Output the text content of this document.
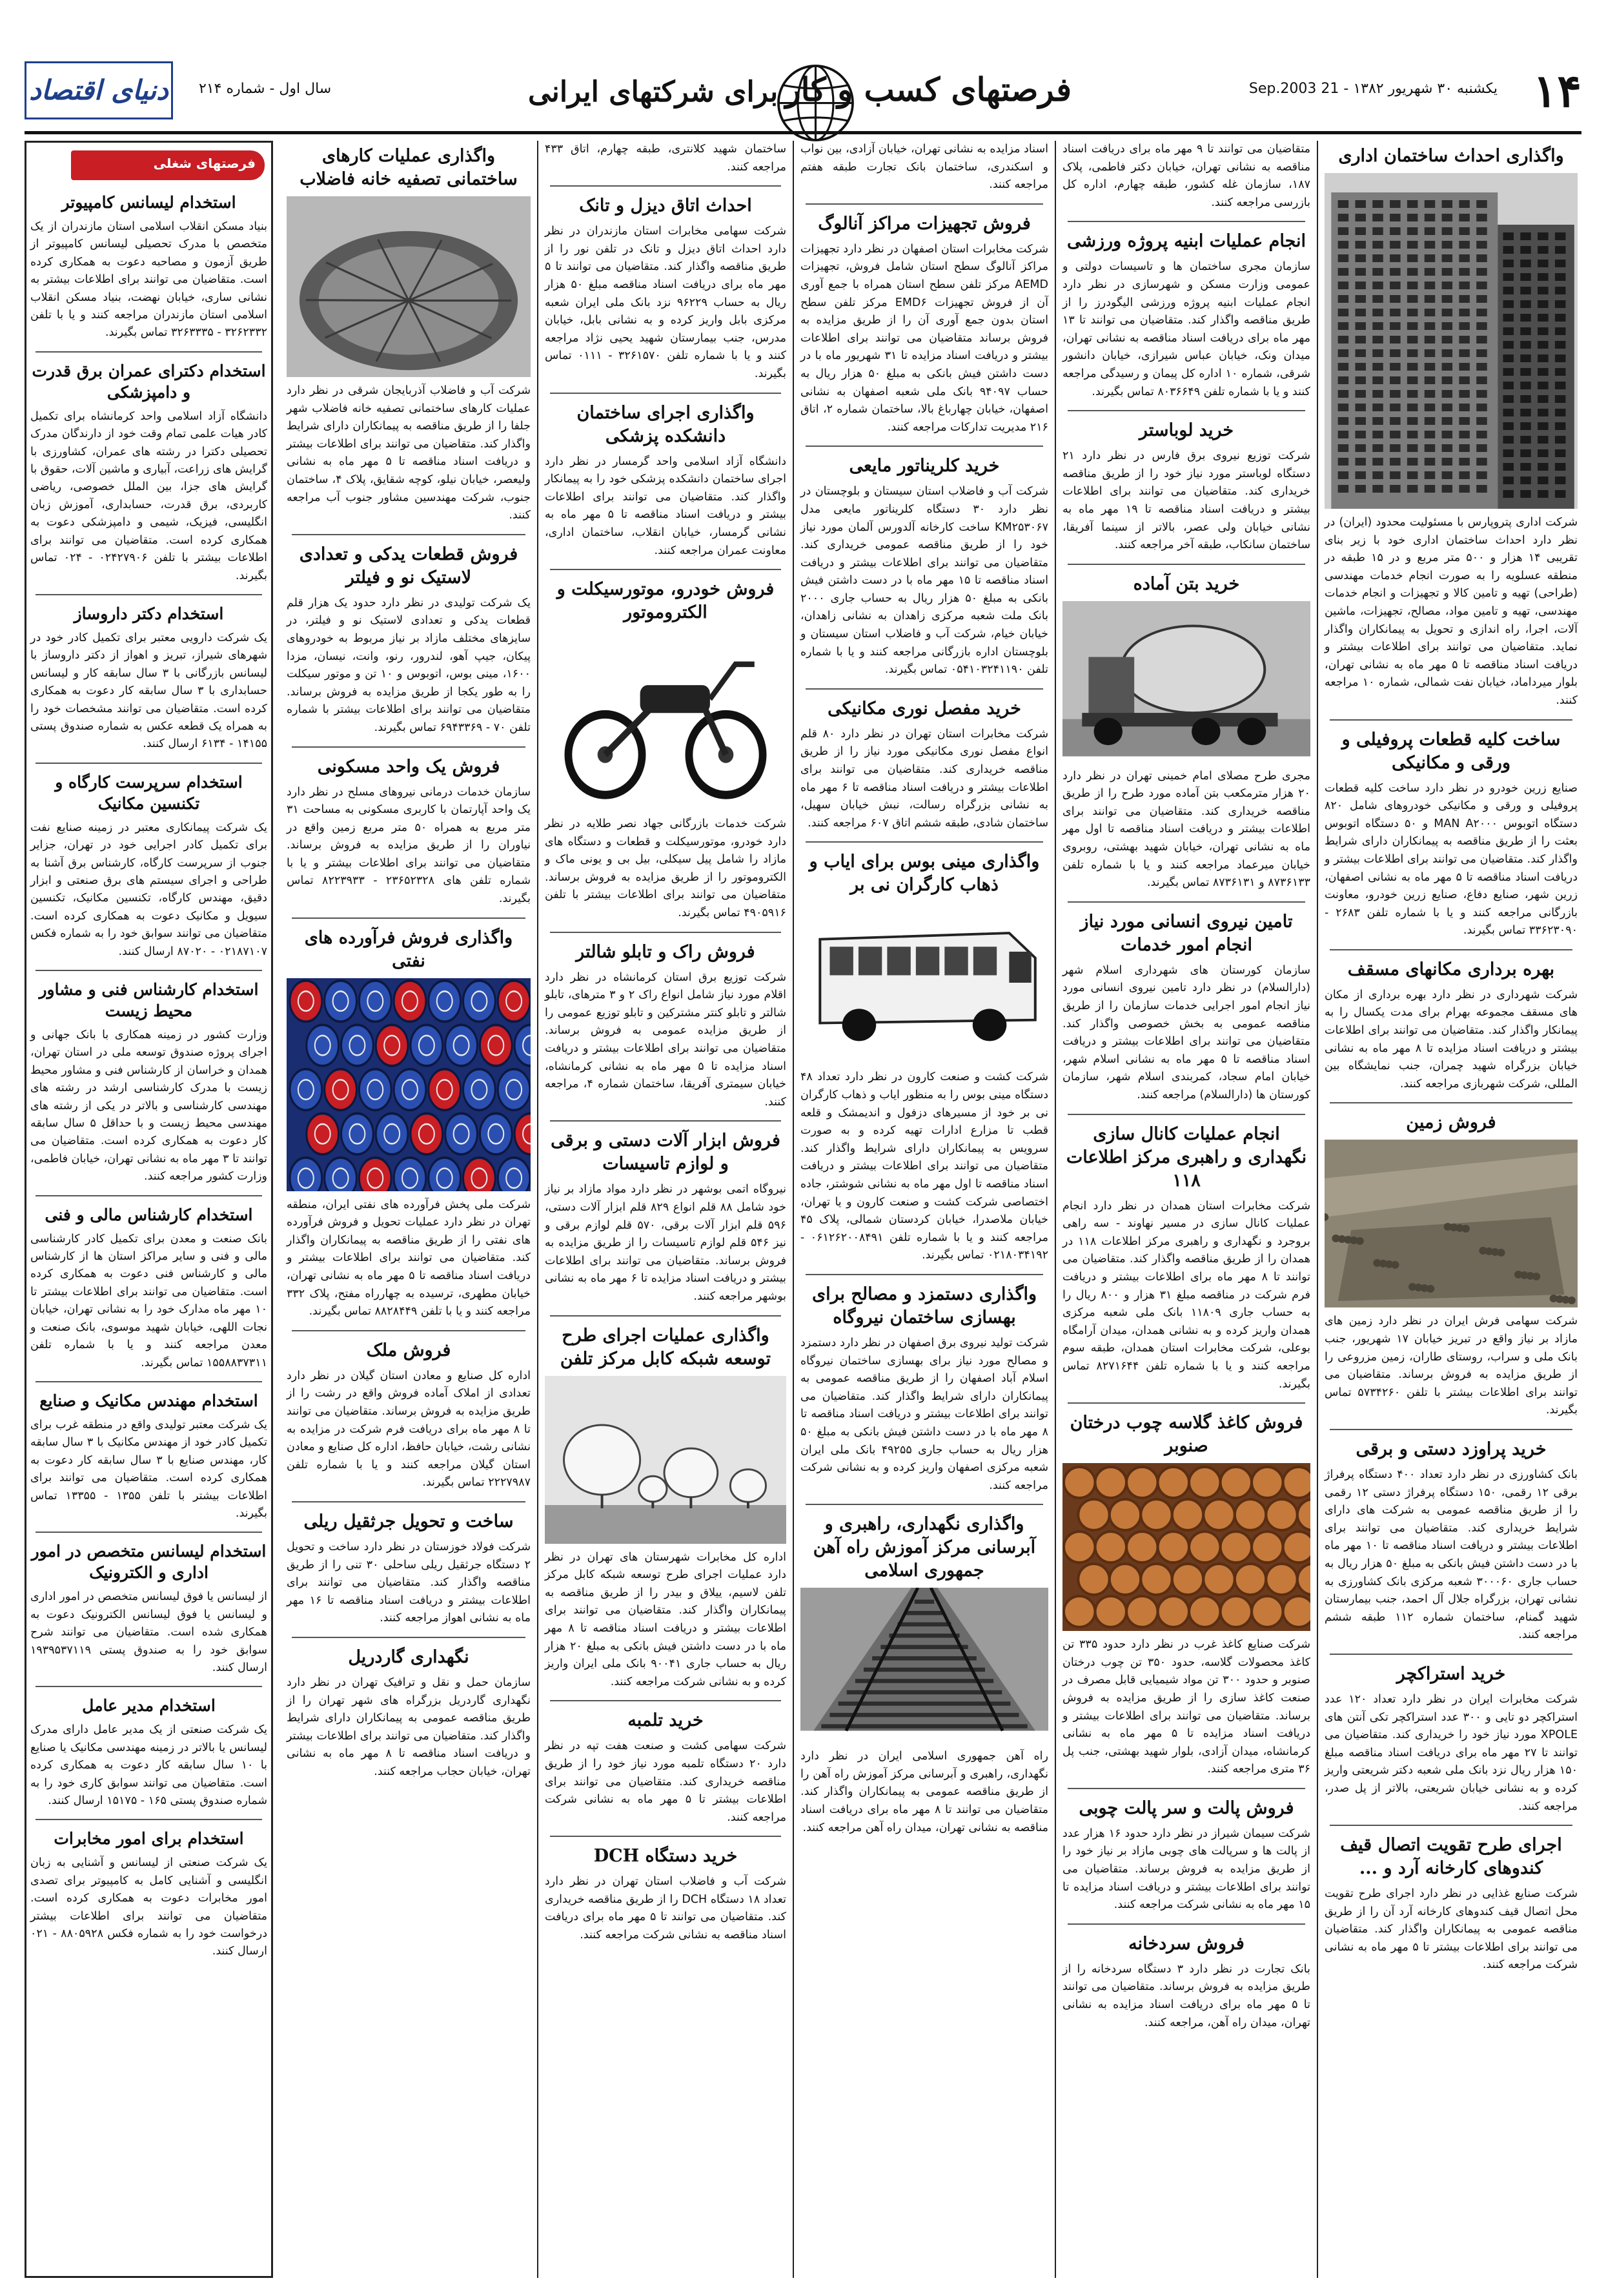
۱۴
یکشنبه ۳۰ شهریور ۱۳۸۲ - 21 Sep.2003
فرصتهای کسب و کار
برای شرکتهای ایرانی
سال اول - شماره ۲۱۴
دنیای اقتصاد
واگذاری احداث ساختمان اداری
شرکت اداری پتروپارس با مسئولیت محدود (ایران) در نظر دارد احداث ساختمان اداری خود با زیر بنای تقریبی ۱۴ هزار و ۵۰۰ متر مربع و در ۱۵ طبقه در منطقه عسلویه را به صورت انجام خدمات مهندسی (طراحی) تهیه و تامین کالا و تجهیزات و انجام خدمات مهندسی، تهیه و تامین مواد، مصالح، تجهیزات، ماشین آلات، اجرا، راه اندازی و تحویل به پیمانکاران واگذار نماید. متقاضیان می توانند برای اطلاعات بیشتر و دریافت اسناد مناقصه تا ۵ مهر ماه به نشانی تهران، بلوار میرداماد، خیابان نفت شمالی، شماره ۱۰ مراجعه کنند.
ساخت کلیه قطعات پروفیلی و ورقی و مکانیکی
صنایع زرین خودرو در نظر دارد ساخت کلیه قطعات پروفیلی و ورقی و مکانیکی خودروهای شامل ۸۲۰ دستگاه اتوبوس MAN A۲۰۰۰ و ۵۰ دستگاه اتوبوس بعثت را از طریق مناقصه به پیمانکاران دارای شرایط واگذار کند. متقاضیان می توانند برای اطلاعات بیشتر و دریافت اسناد مناقصه تا ۵ مهر ماه به نشانی اصفهان، زرین شهر، صنایع دفاع، صنایع زرین خودرو، معاونت بازرگانی مراجعه کنند و یا با شماره تلفن ۲۶۸۳ - ۳۳۶۲۳۰۹۰ تماس بگیرند.
بهره برداری مکانهای مسقف
شرکت شهرداری در نظر دارد بهره برداری از مکان های مسقف مجموعه بهرام برای مدت یکسال را به پیمانکار واگذار کند. متقاضیان می توانند برای اطلاعات بیشتر و دریافت اسناد مزایده تا ۸ مهر ماه به نشانی خیابان بزرگراه شهید چمران، جنب نمایشگاه بین المللی، شرکت شهربازی مراجعه کنند.
فروش زمین
شرکت سهامی فرش ایران در نظر دارد زمین های مازاد بر نیاز واقع در تبریز خیابان ۱۷ شهریور، جنب بانک ملی و سراب، روستای طاران، زمین مزروعی را از طریق مزایده به فروش برساند. متقاضیان می توانند برای اطلاعات بیشتر با تلفن ۵۷۳۴۲۶۰ تماس بگیرند.
خرید پراوزد دستی و برقی
بانک کشاورزی در نظر دارد تعداد ۴۰۰ دستگاه پرفراژ برقی ۱۲ رقمی، ۱۵۰ دستگاه پرفراژ دستی ۱۲ رقمی را از طریق مناقصه عمومی به شرکت های دارای شرایط خریداری کند. متقاضیان می توانند برای اطلاعات بیشتر و دریافت اسناد مناقصه تا ۱۰ مهر ماه با در دست داشتن فیش بانکی به مبلغ ۵۰ هزار ریال به حساب جاری ۳۰۰۰۶۰ شعبه مرکزی بانک کشاورزی به نشانی تهران، بزرگراه جلال آل احمد، جنب بیمارستان شهید گمنام، ساختمان شماره ۱۱۲ طبقه ششم مراجعه کنند.
خرید استراکچر
شرکت مخابرات ایران در نظر دارد تعداد ۱۲۰ عدد استراکچر دو تایی و ۳۰۰ عدد استراکچر تکی آنتن های XPOLE مورد نیاز خود را خریداری کند. متقاضیان می توانند تا ۲۷ مهر ماه برای دریافت اسناد مناقصه مبلغ ۱۵۰ هزار ریال نزد بانک ملی شعبه دکتر شریعتی واریز کرده و به نشانی خیابان شریعتی، بالاتر از پل صدر، مراجعه کنند.
اجرای طرح تقویت اتصال قیف کندوهای کارخانه آرد و ...
شرکت صنایع غذایی در نظر دارد اجرای طرح تقویت محل اتصال قیف کندوهای کارخانه آرد آن را از طریق مناقصه عمومی به پیمانکاران واگذار کند. متقاضیان می توانند برای اطلاعات بیشتر تا ۵ مهر ماه به نشانی شرکت مراجعه کنند.
متقاضیان می توانند تا ۹ مهر ماه برای دریافت اسناد مناقصه به نشانی تهران، خیابان دکتر فاطمی، پلاک ۱۸۷، سازمان غله کشور، طبقه چهارم، اداره کل بازرسی مراجعه کنند.
انجام عملیات ابنیه پروژه ورزشی
سازمان مجری ساختمان ها و تاسیسات دولتی و عمومی وزارت مسکن و شهرسازی در نظر دارد انجام عملیات ابنیه پروژه ورزشی الیگودرز را از طریق مناقصه واگذار کند. متقاضیان می توانند تا ۱۳ مهر ماه برای دریافت اسناد مناقصه به نشانی تهران، میدان ونک، خیابان عباس شیرازی، خیابان دانشور شرقی، شماره ۱۰ اداره کل پیمان و رسیدگی مراجعه کنند و یا با شماره تلفن ۸۰۳۶۶۴۹ تماس بگیرند.
خرید لوباستر
شرکت توزیع نیروی برق فارس در نظر دارد ۲۱ دستگاه لوباستر مورد نیاز خود را از طریق مناقصه خریداری کند. متقاضیان می توانند برای اطلاعات بیشتر و دریافت اسناد مناقصه تا ۱۹ مهر ماه به نشانی خیابان ولی عصر، بالاتر از سینما آفریقا، ساختمان سانکاب، طبقه آخر مراجعه کنند.
خرید بتن آماده
مجری طرح مصلای امام خمینی تهران در نظر دارد ۲۰ هزار مترمکعب بتن آماده مورد طرح را از طریق مناقصه خریداری کند. متقاضیان می توانند برای اطلاعات بیشتر و دریافت اسناد مناقصه تا اول مهر ماه به نشانی تهران، خیابان شهید بهشتی، روبروی خیابان میرعماد مراجعه کنند و یا با شماره تلفن ۸۷۳۶۱۳۳ و ۸۷۳۶۱۳۱ تماس بگیرند.
تامین نیروی انسانی مورد نیاز انجام امور خدمات
سازمان کورستان های شهرداری اسلام شهر (دارالسلام) در نظر دارد تامین نیروی انسانی مورد نیاز انجام امور اجرایی خدمات سازمان را از طریق مناقصه عمومی به بخش خصوصی واگذار کند. متقاضیان می توانند برای اطلاعات بیشتر و دریافت اسناد مناقصه تا ۵ مهر ماه به نشانی اسلام شهر، خیابان امام سجاد، کمربندی اسلام شهر، سازمان کورستان ها (دارالسلام) مراجعه کنند.
انجام عملیات کانال سازی نگهداری و راهبری مرکز اطلاعات ۱۱۸
شرکت مخابرات استان همدان در نظر دارد انجام عملیات کانال سازی در مسیر نهاوند - سه راهی بروجرد و نگهداری و راهبری مرکز اطلاعات ۱۱۸ در همدان را از طریق مناقصه واگذار کند. متقاضیان می توانند تا ۸ مهر ماه برای اطلاعات بیشتر و دریافت فرم شرکت در مناقصه مبلغ ۳۱ هزار و ۸۰۰ ریال را به حساب جاری ۱۱۸۰۹ بانک ملی شعبه مرکزی همدان واریز کرده و به نشانی همدان، میدان آرامگاه بوعلی، شرکت مخابرات استان همدان، طبقه سوم مراجعه کنند و یا با شماره تلفن ۸۲۷۱۶۴۴ تماس بگیرند.
فروش کاغذ گلاسه چوب درختان صنوبر
شرکت صنایع کاغذ غرب در نظر دارد حدود ۳۳۵ تن کاغذ محصولات گلاسه، حدود ۳۵۰ تن چوب درختان صنوبر و حدود ۳۰۰ تن مواد شیمیایی قابل مصرف در صنعت کاغذ سازی را از طریق مزایده به فروش برساند. متقاضیان می توانند برای اطلاعات بیشتر و دریافت اسناد مزایده تا ۵ مهر ماه به نشانی کرمانشاه، میدان آزادی، بلوار شهید بهشتی، جنب پل ۳۶ متری مراجعه کنند.
فروش پالت و سر پالت چوبی
شرکت سیمان شیراز در نظر دارد حدود ۱۶ هزار عدد از پالت ها و سرپالت های چوبی مازاد بر نیاز خود را از طریق مزایده به فروش برساند. متقاضیان می توانند برای اطلاعات بیشتر و دریافت اسناد مزایده تا ۱۵ مهر ماه به نشانی شرکت مراجعه کنند.
فروش سردخانه
بانک تجارت در نظر دارد ۳ دستگاه سردخانه را از طریق مزایده به فروش برساند. متقاضیان می توانند تا ۵ مهر ماه برای دریافت اسناد مزایده به نشانی تهران، میدان راه آهن، مراجعه کنند.
اسناد مزایده به نشانی تهران، خیابان آزادی، بین نواب و اسکندری، ساختمان بانک تجارت طبقه هفتم مراجعه کنند.
فروش تجهیزات مراکز آنالوگ
شرکت مخابرات استان اصفهان در نظر دارد تجهیزات مراکز آنالوگ سطح استان شامل فروش، تجهیزات AEMD مرکز تلفن سطح استان همراه با جمع آوری آن از فروش تجهیزات EMD۶ مرکز تلفن سطح استان بدون جمع آوری آن را از طریق مزایده به فروش برساند متقاضیان می توانند برای اطلاعات بیشتر و دریافت اسناد مزایده تا ۳۱ شهریور ماه با در دست داشتن فیش بانکی به مبلغ ۵۰ هزار ریال به حساب ۹۴۰۹۷ بانک ملی شعبه اصفهان به نشانی اصفهان، خیابان چهارباغ بالا، ساختمان شماره ۲، اتاق ۲۱۶ مدیریت تدارکات مراجعه کنند.
خرید کلریناتور مایعی
شرکت آب و فاضلاب استان سیستان و بلوچستان در نظر دارد ۳۰ دستگاه کلریناتور مایعی مدل KM۲۵۳۰۶۷ ساخت کارخانه آلدورس آلمان مورد نیاز خود را از طریق مناقصه عمومی خریداری کند. متقاضیان می توانند برای اطلاعات بیشتر و دریافت اسناد مناقصه تا ۱۵ مهر ماه با در دست داشتن فیش بانکی به مبلغ ۵۰ هزار ریال به حساب جاری ۲۰۰۰ بانک ملت شعبه مرکزی زاهدان به نشانی زاهدان، خیابان خیام، شرکت آب و فاضلاب استان سیستان و بلوچستان اداره بازرگانی مراجعه کنند و یا با شماره تلفن ۰۵۴۱۰۳۲۴۱۱۹۰ تماس بگیرند.
خرید مفصل نوری مکانیکی
شرکت مخابرات استان تهران در نظر دارد ۸۰ قلم انواع مفصل نوری مکانیکی مورد نیاز را از طریق مناقصه خریداری کند. متقاضیان می توانند برای اطلاعات بیشتر و دریافت اسناد مناقصه تا ۶ مهر ماه به نشانی بزرگراه رسالت، نبش خیابان سهیل، ساختمان شادی، طبقه ششم اتاق ۶۰۷ مراجعه کنند.
واگذاری مینی بوس برای ایاب و ذهاب کارگران نی بر
شرکت کشت و صنعت کارون در نظر دارد تعداد ۴۸ دستگاه مینی بوس را به منظور ایاب و ذهاب کارگران نی بر خود از مسیرهای دزفول و اندیمشک و قلعه قطب تا مزارع ادارات تهیه کرده و به صورت سرویس به پیمانکاران دارای شرایط واگذار کند. متقاضیان می توانند برای اطلاعات بیشتر و دریافت اسناد مناقصه تا اول مهر ماه به نشانی شوشتر، جاده اختصاصی شرکت کشت و صنعت کارون و یا تهران، خیابان ملاصدرا، خیابان کردستان شمالی، پلاک ۴۵ مراجعه کنند و یا با شماره تلفن ۰۶۱۲۶۲۰۰۸۴۹۱ - ۰۲۱۸۰۳۴۱۹۲ تماس بگیرند.
واگذاری دستمزد و مصالح برای بهسازی ساختمان نیروگاه
شرکت تولید نیروی برق اصفهان در نظر دارد دستمزد و مصالح مورد نیاز برای بهسازی ساختمان نیروگاه اسلام آباد اصفهان را از طریق مناقصه عمومی به پیمانکاران دارای شرایط واگذار کند. متقاضیان می توانند برای اطلاعات بیشتر و دریافت اسناد مناقصه تا ۸ مهر ماه با در دست داشتن فیش بانکی به مبلغ ۵۰ هزار ریال به حساب جاری ۴۹۲۵۵ بانک ملی ایران شعبه مرکزی اصفهان واریز کرده و به نشانی شرکت مراجعه کنند.
واگذاری نگهداری، راهبری و آبرسانی مرکز آموزش راه آهن جمهوری اسلامی
راه آهن جمهوری اسلامی ایران در نظر دارد نگهداری، راهبری و آبرسانی مرکز آموزش راه آهن را از طریق مناقصه عمومی به پیمانکاران واگذار کند. متقاضیان می توانند تا ۸ مهر ماه برای دریافت اسناد مناقصه به نشانی تهران، میدان راه آهن مراجعه کنند.
ساختمان شهید کلانتری، طبقه چهارم، اتاق ۴۳۳ مراجعه کنند.
احداث اتاق دیزل و تانک
شرکت سهامی مخابرات استان مازندران در نظر دارد احداث اتاق دیزل و تانک در تلفن نور را از طریق مناقصه واگذار کند. متقاضیان می توانند تا ۵ مهر ماه برای دریافت اسناد مناقصه مبلغ ۵۰ هزار ریال به حساب ۹۶۲۲۹ نزد بانک ملی ایران شعبه مرکزی بابل واریز کرده و به نشانی بابل، خیابان مدرس، جنب بیمارستان شهید یحیی نژاد مراجعه کنند و یا با شماره تلفن ۳۲۶۱۵۷۰ - ۰۱۱۱ تماس بگیرند.
واگذاری اجرای ساختمان دانشکده پزشکی
دانشگاه آزاد اسلامی واحد گرمسار در نظر دارد اجرای ساختمان دانشکده پزشکی خود را به پیمانکار واگذار کند. متقاضیان می توانند برای اطلاعات بیشتر و دریافت اسناد مناقصه تا ۵ مهر ماه به نشانی گرمسار، خیابان انقلاب، ساختمان اداری، معاونت عمران مراجعه کنند.
فروش خودرو، موتورسیکلت و الکتروموتور
شرکت خدمات بازرگانی جهاد نصر طلایه در نظر دارد خودرو، موتورسیکلت و قطعات و دستگاه های مازاد را شامل پیل سیکلی، بیل بی و یونی ماک و الکتروموتور را از طریق مزایده به فروش برساند. متقاضیان می توانند برای اطلاعات بیشتر با تلفن ۴۹۰۵۹۱۶ تماس بگیرند.
فروش راک و تابلو شالتر
شرکت توزیع برق استان کرمانشاه در نظر دارد اقلام مورد نیاز شامل انواع راک ۲ و ۳ مترهای، تابلو شالتر و تابلو کنتر مشترکین و تابلو توزیع عمومی را از طریق مزایده عمومی به فروش برساند. متقاضیان می توانند برای اطلاعات بیشتر و دریافت اسناد مزایده تا ۵ مهر ماه به نشانی کرمانشاه، خیابان سیمتری آفریقا، ساختمان شماره ۴، مراجعه کنند.
فروش ابزار آلات دستی و برقی و لوازم تاسیسات
نیروگاه اتمی بوشهر در نظر دارد مواد مازاد بر نیاز خود شامل ۸۸ قلم انواع ۸۲۹ قلم ابزار آلات دستی، ۵۹۶ قلم ابزار آلات برقی، ۵۷۰ قلم لوازم برقی و نیز ۵۴۶ قلم لوازم تاسیسات را از طریق مزایده به فروش برساند. متقاضیان می توانند برای اطلاعات بیشتر و دریافت اسناد مزایده تا ۶ مهر ماه به نشانی بوشهر مراجعه کنند.
واگذاری عملیات اجرای طرح توسعه شبکه کابل مرکز تلفن
اداره کل مخابرات شهرستان های تهران در نظر دارد عملیات اجرای طرح توسعه شبکه کابل مرکز تلفن لاسیم، ییلاق و بیدر را از طریق مناقصه به پیمانکاران واگذار کند. متقاضیان می توانند برای اطلاعات بیشتر و دریافت اسناد مناقصه تا ۸ مهر ماه با در دست داشتن فیش بانکی به مبلغ ۲۰ هزار ریال به حساب جاری ۹۰۰۴۱ بانک ملی ایران واریز کرده و به نشانی شرکت مراجعه کنند.
خرید تلمبه
شرکت سهامی کشت و صنعت هفت تپه در نظر دارد ۲۰ دستگاه تلمبه مورد نیاز خود را از طریق مناقصه خریداری کند. متقاضیان می توانند برای اطلاعات بیشتر تا ۵ مهر ماه به نشانی شرکت مراجعه کنند.
خرید دستگاه DCH
شرکت آب و فاضلاب استان تهران در نظر دارد تعداد ۱۸ دستگاه DCH را از طریق مناقصه خریداری کند. متقاضیان می توانند تا ۵ مهر ماه برای دریافت اسناد مناقصه به نشانی شرکت مراجعه کنند.
واگذاری عملیات کارهای ساختمانی تصفیه خانه فاضلاب
شرکت آب و فاضلاب آذربایجان شرقی در نظر دارد عملیات کارهای ساختمانی تصفیه خانه فاضلاب شهر جلفا را از طریق مناقصه به پیمانکاران دارای شرایط واگذار کند. متقاضیان می توانند برای اطلاعات بیشتر و دریافت اسناد مناقصه تا ۵ مهر ماه به نشانی ولیعصر، خیابان نیلو، کوچه شقایق، پلاک ۴، ساختمان جنوب، شرکت مهندسین مشاور جنوب آب مراجعه کنند.
فروش قطعات یدکی و تعدادی لاستیک نو و فیلتر
یک شرکت تولیدی در نظر دارد حدود یک هزار قلم قطعات یدکی و تعدادی لاستیک نو و فیلتر، در سایزهای مختلف مازاد بر نیاز مربوط به خودروهای پیکان، جیپ آهو، لندرور، رنو، وانت، نیسان، مزدا ۱۶۰۰، مینی بوس، اتوبوس و ۱۰ تن و موتور سیکلت را به طور یکجا از طریق مزایده به فروش برساند. متقاضیان می توانند برای اطلاعات بیشتر با شماره تلفن ۷۰ - ۶۹۴۳۳۶۹ تماس بگیرند.
فروش یک واحد مسکونی
سازمان خدمات درمانی نیروهای مسلح در نظر دارد یک واحد آپارتمان با کاربری مسکونی به مساحت ۳۱ متر مربع به همراه ۵۰ متر مربع زمین واقع در نیاوران را از طریق مزایده به فروش برساند. متقاضیان می توانند برای اطلاعات بیشتر و یا با شماره تلفن های ۲۳۶۵۲۳۲۸ - ۸۲۲۳۹۳۳ تماس بگیرند.
واگذاری فروش فرآورده های نفتی
شرکت ملی پخش فرآورده های نفتی ایران، منطقه تهران در نظر دارد عملیات تحویل و فروش فرآورده های نفتی را از طریق مناقصه به پیمانکاران واگذار کند. متقاضیان می توانند برای اطلاعات بیشتر و دریافت اسناد مناقصه تا ۵ مهر ماه به نشانی تهران، خیابان مطهری، ترسیده به چهارراه مفتح، پلاک ۳۳۲ مراجعه کنند و یا با تلفن ۸۸۲۸۴۴۹ تماس بگیرند.
فروش ملک
اداره کل صنایع و معادن استان گیلان در نظر دارد تعدادی از املاک آماده فروش واقع در رشت را از طریق مزایده به فروش برساند. متقاضیان می توانند تا ۸ مهر ماه برای دریافت فرم شرکت در مزایده به نشانی رشت، خیابان حافظ، اداره کل صنایع و معادن استان گیلان مراجعه کنند و یا با شماره تلفن ۲۲۲۷۹۸۷ تماس بگیرند.
ساخت و تحویل جرثقیل ریلی
شرکت فولاد خوزستان در نظر دارد ساخت و تحویل ۲ دستگاه جرثقیل ریلی ساحلی ۳۰ تنی را از طریق مناقصه واگذار کند. متقاضیان می توانند برای اطلاعات بیشتر و دریافت اسناد مناقصه تا ۱۶ مهر ماه به نشانی اهواز مراجعه کنند.
نگهداری گاردریل
سازمان حمل و نقل و ترافیک تهران در نظر دارد نگهداری گاردریل بزرگراه های شهر تهران را از طریق مناقصه عمومی به پیمانکاران دارای شرایط واگذار کند. متقاضیان می توانند برای اطلاعات بیشتر و دریافت اسناد مناقصه تا ۸ مهر ماه به نشانی تهران، خیابان حجاب مراجعه کنند.
فرصتهای شغلی
استخدام لیسانس کامپیوتر
بنیاد مسکن انقلاب اسلامی استان مازندران از یک متخصص با مدرک تحصیلی لیسانس کامپیوتر از طریق آزمون و مصاحبه دعوت به همکاری کرده است. متقاضیان می توانند برای اطلاعات بیشتر به نشانی ساری، خیابان نهضت، بنیاد مسکن انقلاب اسلامی استان مازندران مراجعه کنند و یا با تلفن ۳۲۶۲۳۳۲ - ۳۲۶۳۳۳۵ تماس بگیرند.
استخدام دکترای عمران برق قدرت و دامپزشکی
دانشگاه آزاد اسلامی واحد کرمانشاه برای تکمیل کادر هیات علمی تمام وقت خود از دارندگان مدرک تحصیلی دکترا در رشته های عمران، کشاورزی با گرایش های زراعت، آبیاری و ماشین آلات، حقوق با گرایش های جزا، بین الملل خصوصی، ریاضی کاربردی، برق قدرت، حسابداری، آموزش زبان انگلیسی، فیزیک، شیمی و دامپزشکی دعوت به همکاری کرده است. متقاضیان می توانند برای اطلاعات بیشتر با تلفن ۰۲۴۲۷۹۰۶ - ۰۲۴ تماس بگیرند.
استخدام دکتر داروساز
یک شرکت دارویی معتبر برای تکمیل کادر خود در شهرهای شیراز، تبریز و اهواز از دکتر داروساز با لیسانس بازرگانی با ۳ سال سابقه کار و لیسانس حسابداری با ۳ سال سابقه کار دعوت به همکاری کرده است. متقاضیان می توانند مشخصات خود را به همراه یک قطعه عکس به شماره صندوق پستی ۱۴۱۵۵ - ۶۱۳۴ ارسال کنند.
استخدام سرپرست کارگاه و تکنسین مکانیک
یک شرکت پیمانکاری معتبر در زمینه صنایع نفت برای تکمیل کادر اجرایی خود در تهران، جزایر جنوب از سرپرست کارگاه، کارشناس برق آشنا به طراحی و اجرای سیستم های برق صنعتی و ابزار دقیق، مهندس کارگاه، تکنسین مکانیک، تکنسین سیویل و مکانیک دعوت به همکاری کرده است. متقاضیان می توانند سوابق خود را به شماره فکس ۰۲۱۸۷۱۰۷ - ۸۷۰۲۰ ارسال کنند.
استخدام کارشناس فنی و مشاور محیط زیست
وزارت کشور در زمینه همکاری با بانک جهانی و اجرای پروژه صندوق توسعه ملی در استان تهران، همدان و خراسان از کارشناس فنی و مشاور محیط زیست با مدرک کارشناسی ارشد در رشته های مهندسی کارشناسی و بالاتر در یکی از رشته های مهندسی محیط زیست و با حداقل ۵ سال سابقه کار دعوت به همکاری کرده است. متقاضیان می توانند تا ۳ مهر ماه به نشانی تهران، خیابان فاطمی، وزارت کشور مراجعه کنند.
استخدام کارشناس مالی و فنی
بانک صنعت و معدن برای تکمیل کادر کارشناسی مالی و فنی و سایر مراکز استان ها از کارشناس مالی و کارشناس فنی دعوت به همکاری کرده است. متقاضیان می توانند برای اطلاعات بیشتر تا ۱۰ مهر ماه مدارک خود را به نشانی تهران، خیابان نجات اللهی، خیابان شهید موسوی، بانک صنعت و معدن مراجعه کنند و یا با شماره تلفن ۱۵۵۸۸۳۷۳۱۱ تماس بگیرند.
استخدام مهندس مکانیک و صنایع
یک شرکت معتبر تولیدی واقع در منطقه غرب برای تکمیل کادر خود از مهندس مکانیک با ۳ سال سابقه کار، مهندس صنایع با ۳ سال سابقه کار دعوت به همکاری کرده است. متقاضیان می توانند برای اطلاعات بیشتر با تلفن ۱۳۵۵ - ۱۳۳۵۵ تماس بگیرند.
استخدام لیسانس متخصص در امور اداری و الکترونیک
از لیسانس یا فوق لیسانس متخصص در امور اداری و لیسانس یا فوق لیسانس الکترونیک دعوت به همکاری شده است. متقاضیان می توانند شرح سوابق خود را به صندوق پستی ۱۹۳۹۵۳۷۱۱۹ ارسال کنند.
استخدام مدیر عامل
یک شرکت صنعتی از یک مدیر عامل دارای مدرک لیسانس یا بالاتر در زمینه مهندسی مکانیک یا صنایع با ۱۰ سال سابقه کار دعوت به همکاری کرده است. متقاضیان می توانند سوابق کاری خود را به شماره صندوق پستی ۱۶۵ - ۱۵۱۷۵ ارسال کنند.
استخدام برای امور مخابرات
یک شرکت صنعتی از لیسانس و آشنایی به زبان انگلیسی و آشنایی کامل به کامپیوتر برای تصدی امور مخابرات دعوت به همکاری کرده است. متقاضیان می توانند برای اطلاعات بیشتر درخواست خود را به شماره فکس ۸۸۰۵۹۲۸ - ۰۲۱ ارسال کنند.
